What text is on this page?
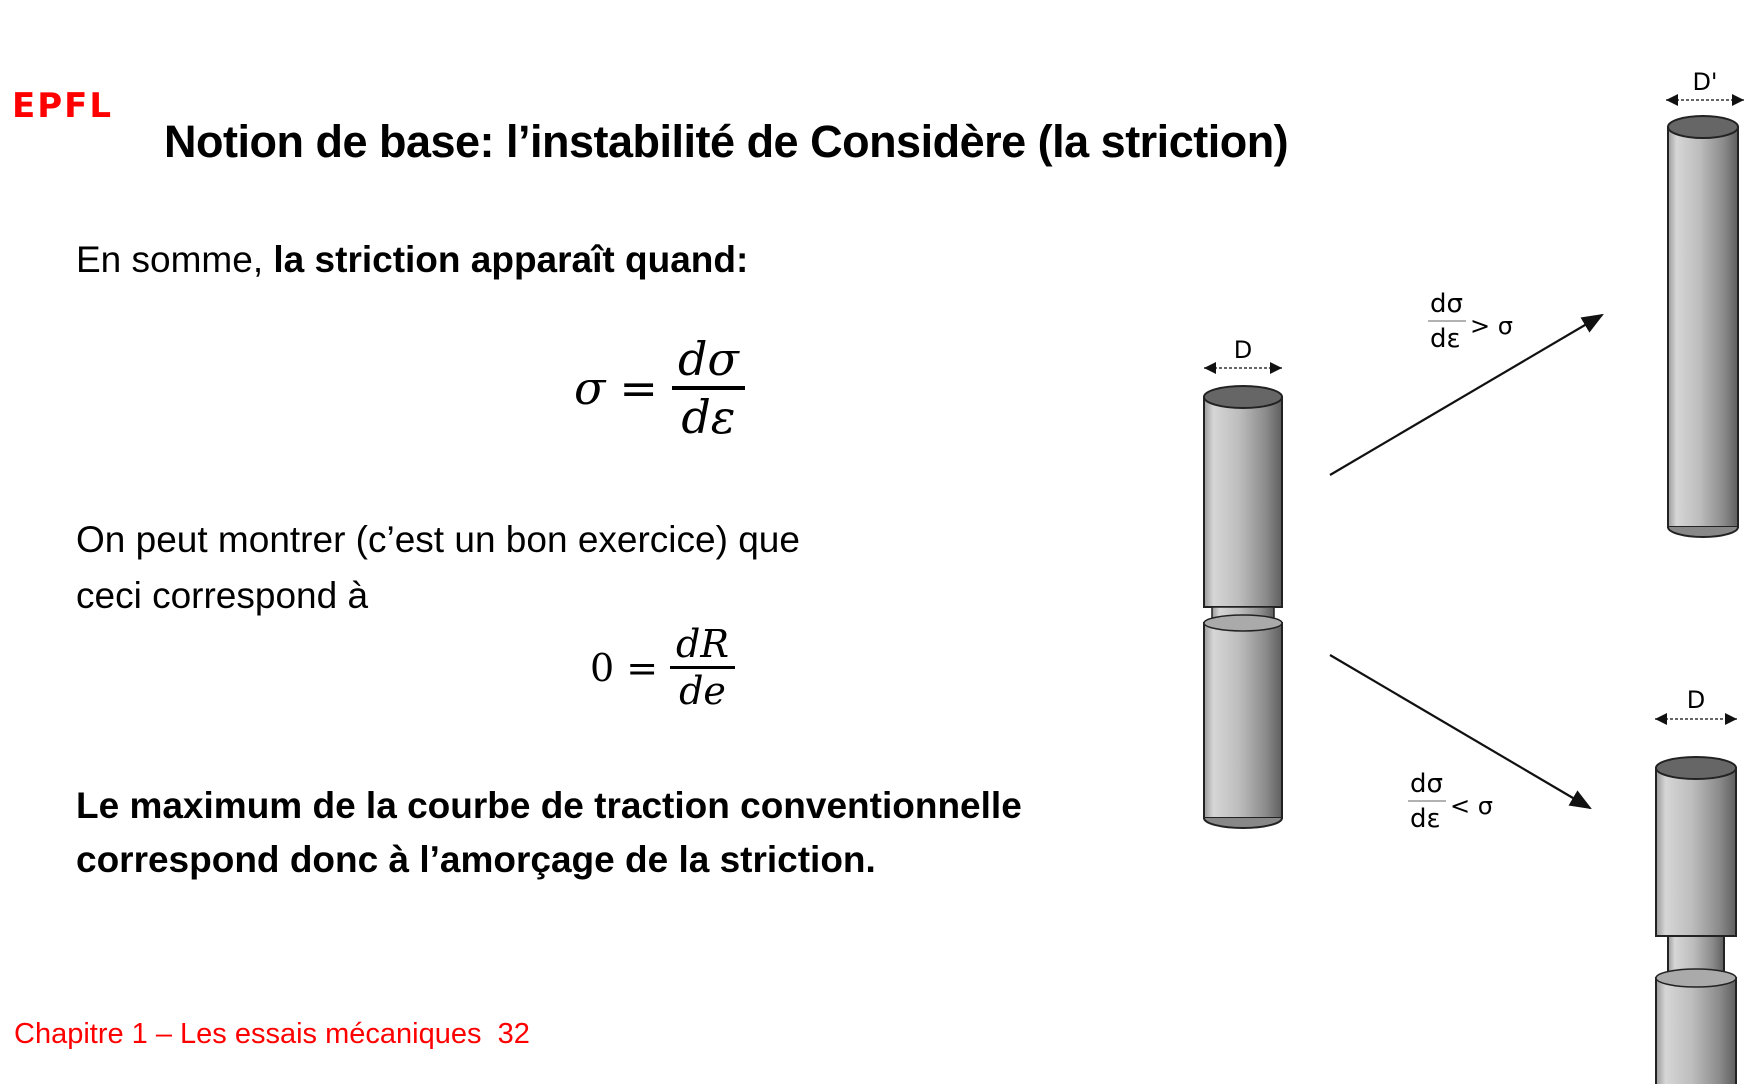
EPFL
Notion de base: l’instabilité de Considère (la striction)
En somme, la striction apparaît quand:
$\sigma = \frac{d\sigma}{d\varepsilon}$
On peut montrer (c’est un bon exercice) que
ceci correspond à
$0 = \frac{dR}{de}$
Le maximum de la courbe de traction conventionnelle
correspond donc à l’amorçage de la striction.
Chapitre 1 – Les essais mécaniques 32
D
dσ
dε > σ
D'
dσ
dε < σ
D
